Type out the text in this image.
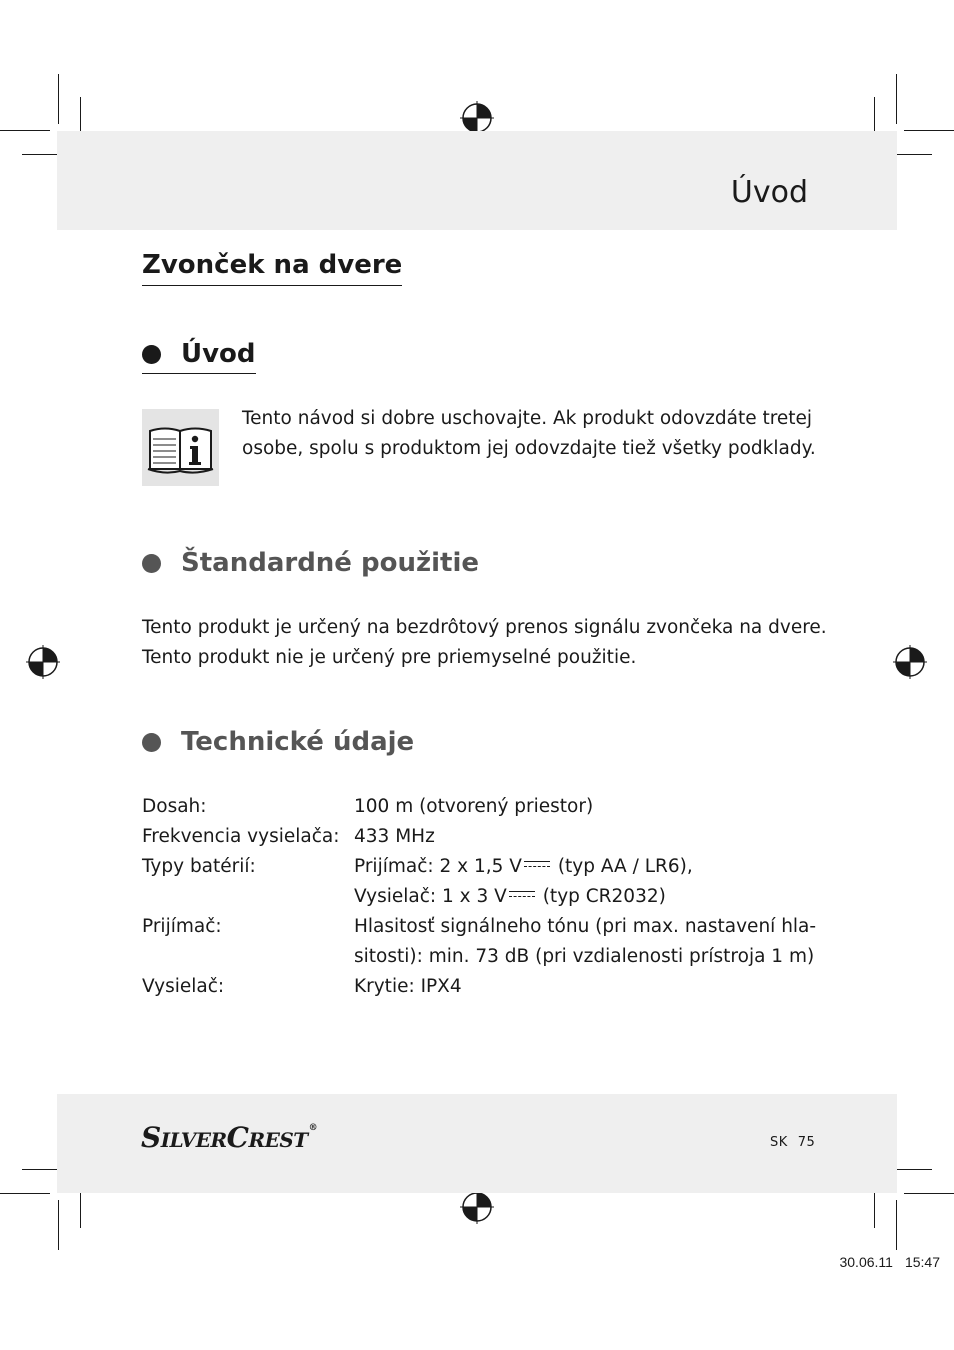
Úvod
Zvonček na dvere
Úvod
Tento návod si dobre uschovajte. Ak produkt odovzdáte tretej osobe, spolu s produktom jej odovzdajte tiež všetky podklady.
Štandardné použitie
Tento produkt je určený na bezdrôtový prenos signálu zvončeka na dvere.
Tento produkt nie je určený pre priemyselné použitie.
Technické údaje
Dosah:	100 m (otvorený priestor)
Frekvencia vysielača: 433 MHz
Typy batérií:	Prijímač: 2 x 1,5 V (typ AA / LR6),
Vysielač: 1 x 3 V (typ CR2032)
Prijímač:	Hlasitosť signálneho tónu (pri max. nastavení hla-
sitosti): min. 73 dB (pri vzdialenosti prístroja 1 m)
Vysielač:	Krytie: IPX4
SILVERCREST®
SK 75
30.06.11 15:47
